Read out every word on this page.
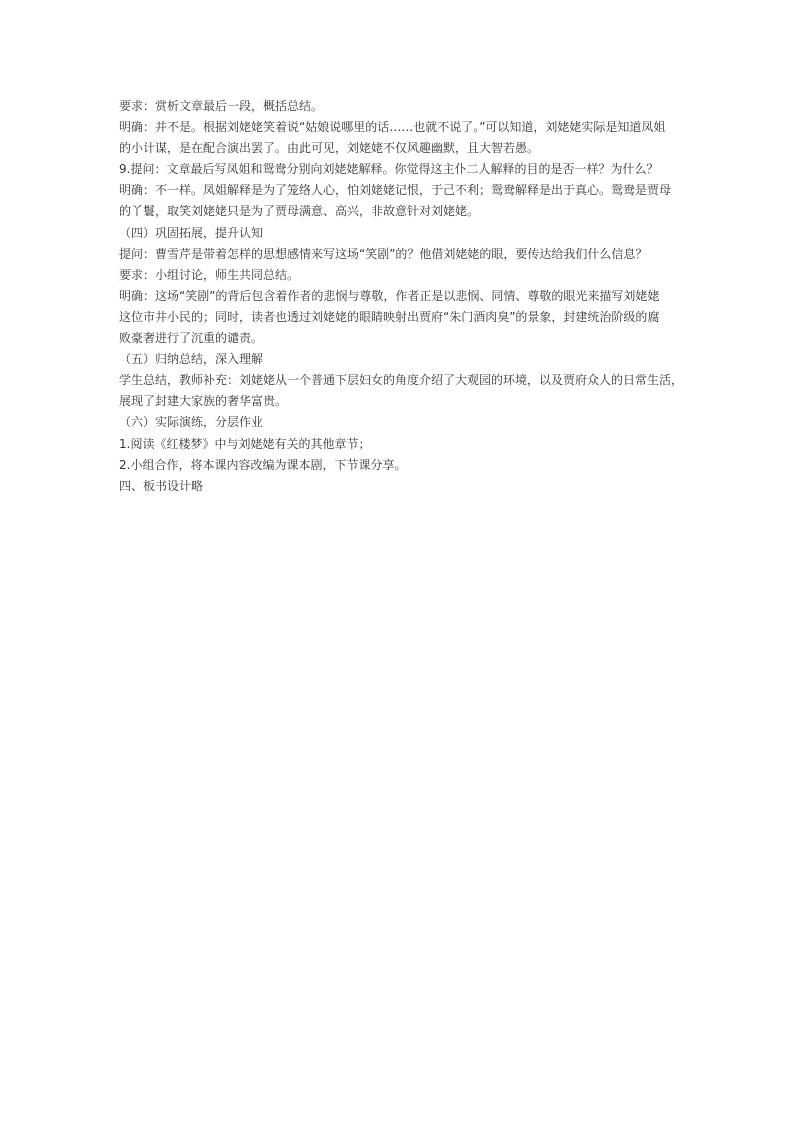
要求：赏析文章最后一段，概括总结。
明确：并不是。根据刘姥姥笑着说“姑娘说哪里的话……也就不说了。”可以知道，刘姥姥实际是知道凤姐
的小计谋，是在配合演出罢了。由此可见，刘姥姥不仅风趣幽默，且大智若愚。
9.提问：文章最后写凤姐和鸳鸯分别向刘姥姥解释。你觉得这主仆二人解释的目的是否一样？为什么？
明确：不一样。凤姐解释是为了笼络人心，怕刘姥姥记恨，于己不利；鸳鸯解释是出于真心。鸳鸯是贾母
的丫鬟，取笑刘姥姥只是为了贾母满意、高兴，非故意针对刘姥姥。
（四）巩固拓展，提升认知
提问：曹雪芹是带着怎样的思想感情来写这场“笑剧”的？他借刘姥姥的眼，要传达给我们什么信息？
要求：小组讨论，师生共同总结。
明确：这场“笑剧”的背后包含着作者的悲悯与尊敬，作者正是以悲悯、同情、尊敬的眼光来描写刘姥姥
这位市井小民的；同时，读者也透过刘姥姥的眼睛映射出贾府“朱门酒肉臭”的景象，封建统治阶级的腐
败豪奢进行了沉重的谴责。
（五）归纳总结，深入理解
学生总结，教师补充：刘姥姥从一个普通下层妇女的角度介绍了大观园的环境，以及贾府众人的日常生活，
展现了封建大家族的奢华富贵。
（六）实际演练，分层作业
1.阅读《红楼梦》中与刘姥姥有关的其他章节；
2.小组合作，将本课内容改编为课本剧，下节课分享。
四、板书设计略
